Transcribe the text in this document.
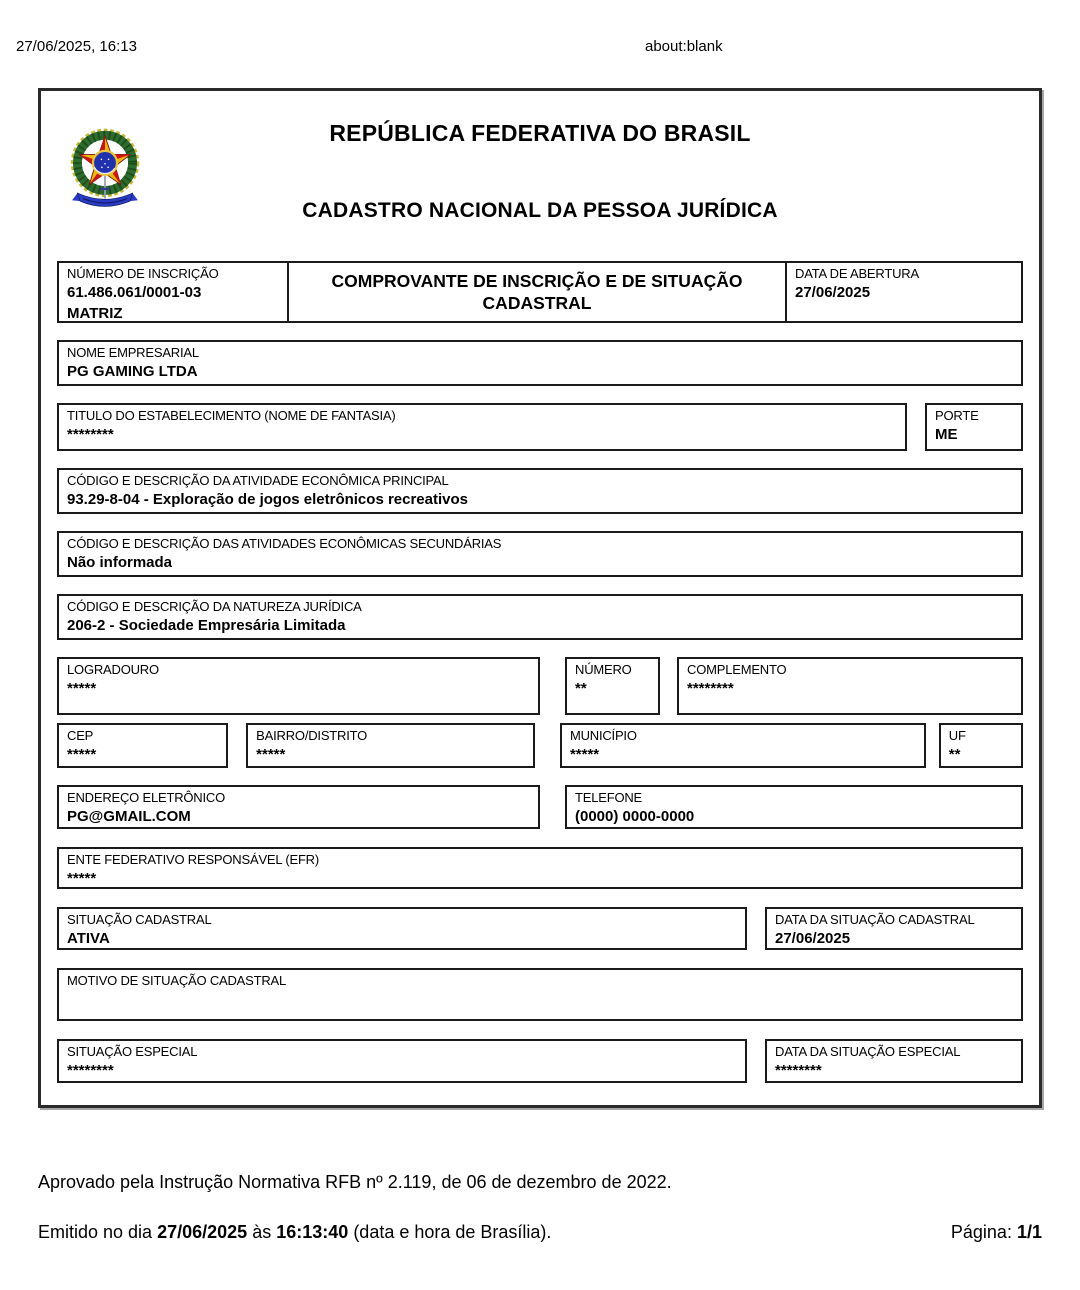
27/06/2025, 16:13	about:blank
REPÚBLICA FEDERATIVA DO BRASIL
CADASTRO NACIONAL DA PESSOA JURÍDICA
NÚMERO DE INSCRIÇÃO
61.486.061/0001-03
MATRIZ
COMPROVANTE DE INSCRIÇÃO E DE SITUAÇÃO CADASTRAL
DATA DE ABERTURA
27/06/2025
NOME EMPRESARIAL
PG GAMING LTDA
TITULO DO ESTABELECIMENTO (NOME DE FANTASIA)
********
PORTE
ME
CÓDIGO E DESCRIÇÃO DA ATIVIDADE ECONÔMICA PRINCIPAL
93.29-8-04 - Exploração de jogos eletrônicos recreativos
CÓDIGO E DESCRIÇÃO DAS ATIVIDADES ECONÔMICAS SECUNDÁRIAS
Não informada
CÓDIGO E DESCRIÇÃO DA NATUREZA JURÍDICA
206-2 - Sociedade Empresária Limitada
LOGRADOURO
*****
NÚMERO
**
COMPLEMENTO
********
CEP
*****
BAIRRO/DISTRITO
*****
MUNICÍPIO
*****
UF
**
ENDEREÇO ELETRÔNICO
PG@GMAIL.COM
TELEFONE
(0000) 0000-0000
ENTE FEDERATIVO RESPONSÁVEL (EFR)
*****
SITUAÇÃO CADASTRAL
ATIVA
DATA DA SITUAÇÃO CADASTRAL
27/06/2025
MOTIVO DE SITUAÇÃO CADASTRAL
SITUAÇÃO ESPECIAL
********
DATA DA SITUAÇÃO ESPECIAL
********
Aprovado pela Instrução Normativa RFB nº 2.119, de 06 de dezembro de 2022.
Emitido no dia 27/06/2025 às 16:13:40 (data e hora de Brasília).	Página: 1/1
